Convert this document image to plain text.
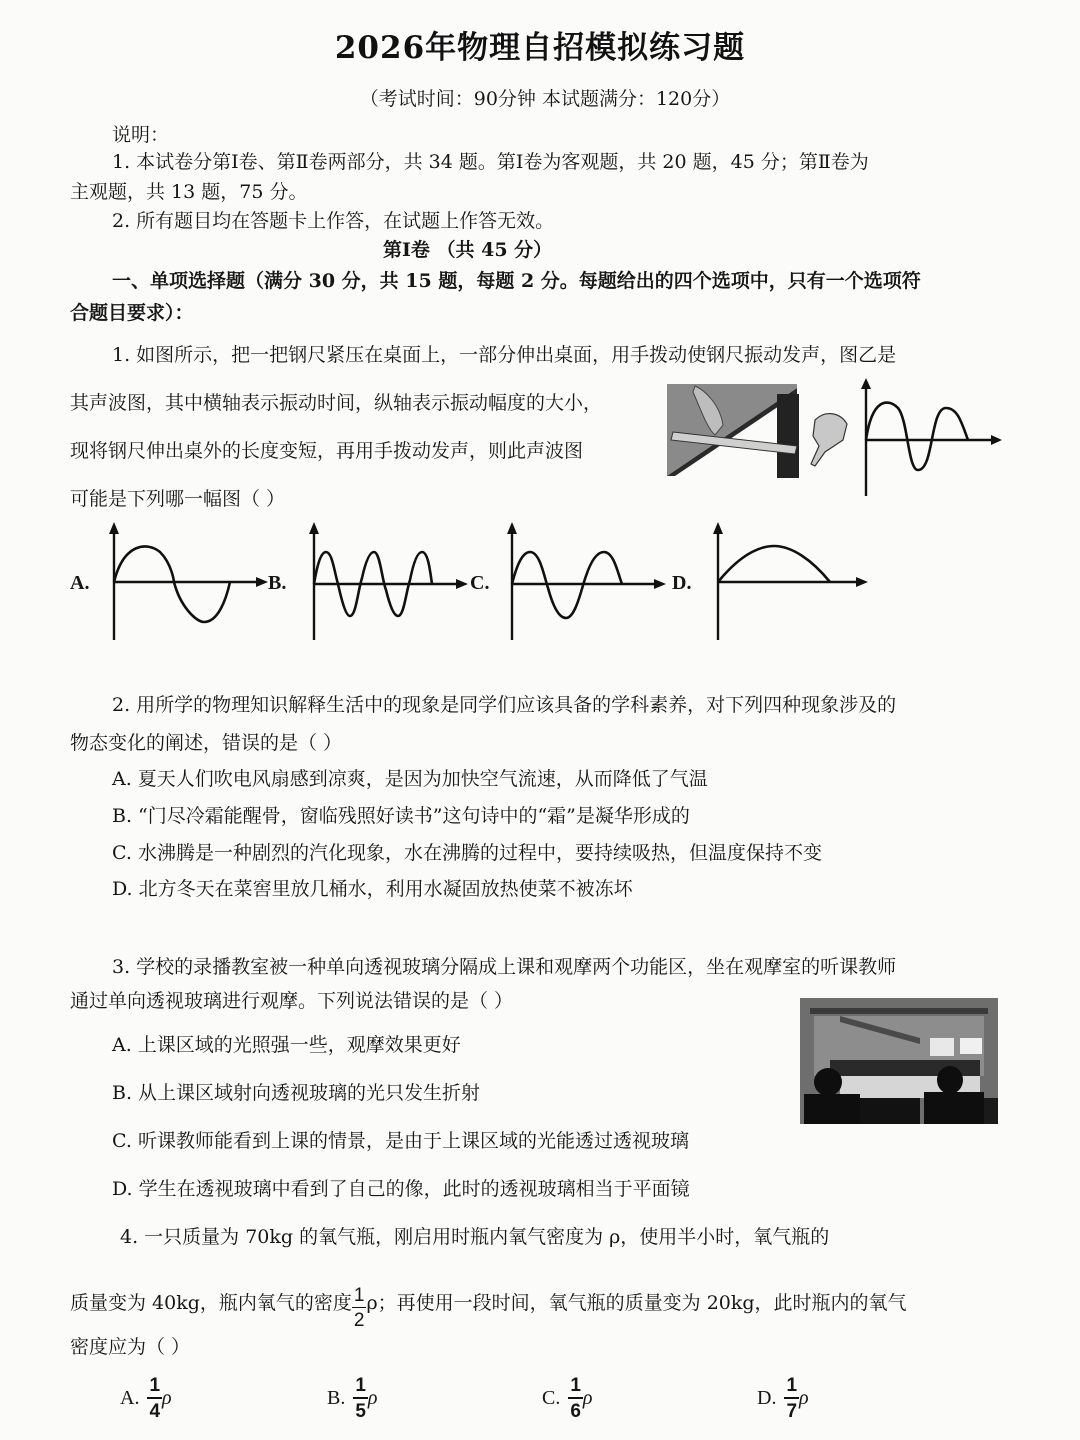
2026年物理自招模拟练习题
（考试时间：90分钟 本试题满分：120分）
说明：
1. 本试卷分第Ⅰ卷、第Ⅱ卷两部分，共 34 题。第Ⅰ卷为客观题，共 20 题，45 分；第Ⅱ卷为
主观题，共 13 题，75 分。
2. 所有题目均在答题卡上作答，在试题上作答无效。
第Ⅰ卷 （共 45 分）
一、单项选择题（满分 30 分，共 15 题，每题 2 分。每题给出的四个选项中，只有一个选项符
合题目要求）：
1. 如图所示，把一把钢尺紧压在桌面上，一部分伸出桌面，用手拨动使钢尺振动发声，图乙是
其声波图，其中横轴表示振动时间，纵轴表示振动幅度的大小，
现将钢尺伸出桌外的长度变短，再用手拨动发声，则此声波图
可能是下列哪一幅图（ ）
A.	B.	C.	D.
2. 用所学的物理知识解释生活中的现象是同学们应该具备的学科素养，对下列四种现象涉及的
物态变化的阐述，错误的是（ ）
A. 夏天人们吹电风扇感到凉爽，是因为加快空气流速，从而降低了气温
B. “门尽冷霜能醒骨，窗临残照好读书”这句诗中的“霜”是凝华形成的
C. 水沸腾是一种剧烈的汽化现象，水在沸腾的过程中，要持续吸热，但温度保持不变
D. 北方冬天在菜窖里放几桶水，利用水凝固放热使菜不被冻坏
3. 学校的录播教室被一种单向透视玻璃分隔成上课和观摩两个功能区，坐在观摩室的听课教师
通过单向透视玻璃进行观摩。下列说法错误的是（ ）
A. 上课区域的光照强一些，观摩效果更好
B. 从上课区域射向透视玻璃的光只发生折射
C. 听课教师能看到上课的情景，是由于上课区域的光能透过透视玻璃
D. 学生在透视玻璃中看到了自己的像，此时的透视玻璃相当于平面镜
4. 一只质量为 70kg 的氧气瓶，刚启用时瓶内氧气密度为 ρ，使用半小时，氧气瓶的
质量变为 40kg，瓶内氧气的密度 $\frac{1}{2}$ ρ；再使用一段时间，氧气瓶的质量变为 20kg，此时瓶内的氧气
密度应为（ ）
A. $\frac{1}{4}$ ρ	B. $\frac{1}{5}$ ρ	C. $\frac{1}{6}$ ρ	D. $\frac{1}{7}$ ρ
